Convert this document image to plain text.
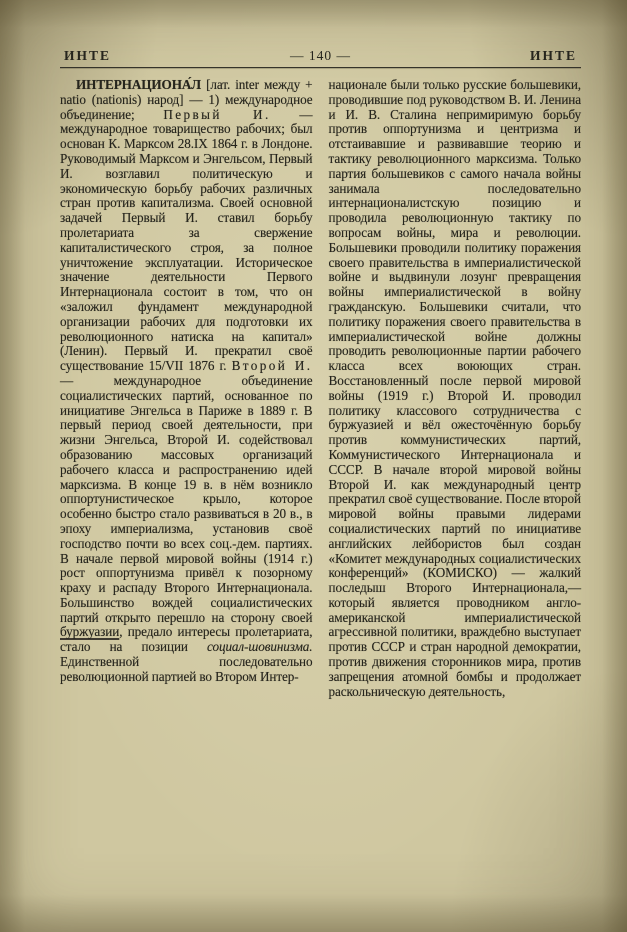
ИНТЕ	— 140 —	ИНТЕ

ИНТЕРНАЦИОНА́Л [лат. inter между + natio (nationis) народ] — 1) международное объединение; Первый И. — международное товарищество рабочих; был основан К. Марксом 28.IX 1864 г. в Лондоне. Руководимый Марксом и Энгельсом, Первый И. возглавил политическую и экономическую борьбу рабочих различных стран против капитализма. Своей основной задачей Первый И. ставил борьбу пролетариата за свержение капиталистического строя, за полное уничтожение эксплуатации. Историческое значение деятельности Первого Интернационала состоит в том, что он «заложил фундамент международной организации рабочих для подготовки их революционного натиска на капитал» (Ленин). Первый И. прекратил своё существование 15/VII 1876 г. Второй И.— международное объединение социалистических партий, основанное по инициативе Энгельса в Париже в 1889 г. В первый период своей деятельности, при жизни Энгельса, Второй И. содействовал образованию массовых организаций рабочего класса и распространению идей марксизма. В конце 19 в. в нём возникло оппортунистическое крыло, которое особенно быстро стало развиваться в 20 в., в эпоху империализма, установив своё господство почти во всех соц.-дем. партиях. В начале первой мировой войны (1914 г.) рост оппортунизма привёл к позорному краху и распаду Второго Интернационала. Большинство вождей социалистических партий открыто перешло на сторону своей буржуазии, предало интересы пролетариата, стало на позиции социал-шовинизма. Единственной последовательно революционной партией во Втором Интер-

национале были только русские большевики, проводившие под руководством В. И. Ленина и И. В. Сталина непримиримую борьбу против оппортунизма и центризма и отстаивавшие и развивавшие теорию и тактику революционного марксизма. Только партия большевиков с самого начала войны занимала последовательно интернационалистскую позицию и проводила революционную тактику по вопросам войны, мира и революции. Большевики проводили политику поражения своего правительства в империалистической войне и выдвинули лозунг превращения войны империалистической в войну гражданскую. Большевики считали, что политику поражения своего правительства в империалистической войне должны проводить революционные партии рабочего класса всех воюющих стран. Восстановленный после первой мировой войны (1919 г.) Второй И. проводил политику классового сотрудничества с буржуазией и вёл ожесточённую борьбу против коммунистических партий, Коммунистического Интернационала и СССР. В начале второй мировой войны Второй И. как международный центр прекратил своё существование. После второй мировой войны правыми лидерами социалистических партий по инициативе английских лейбористов был создан «Комитет международных социалистических конференций» (КОМИСКО) — жалкий последыш Второго Интернационала,— который является проводником англо-американской империалистической агрессивной политики, враждебно выступает против СССР и стран народной демократии, против движения сторонников мира, против запрещения атомной бомбы и продолжает раскольническую деятельность,
